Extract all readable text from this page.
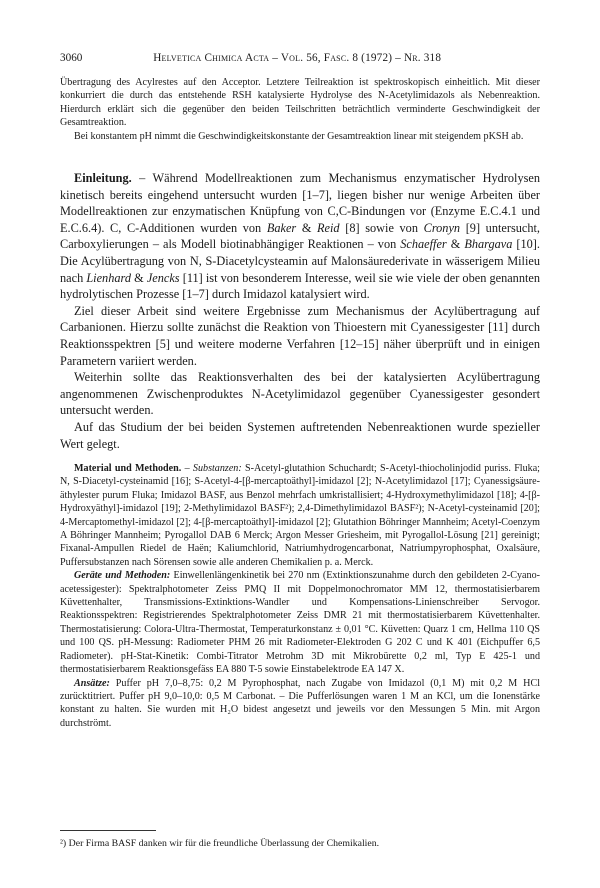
3060	Helvetica Chimica Acta – Vol. 56, Fasc. 8 (1972) – Nr. 318

Übertragung des Acylrestes auf den Acceptor. Letztere Teilreaktion ist spektroskopisch einheitlich. Mit dieser konkurriert die durch das entstehende RSH katalysierte Hydrolyse des N-Acetylimidazols als Nebenreaktion. Hierdurch erklärt sich die gegenüber den beiden Teilschritten beträchtlich verminderte Geschwindigkeit der Gesamtreaktion.

Bei konstantem pH nimmt die Geschwindigkeitskonstante der Gesamtreaktion linear mit steigendem pKSH ab.

Einleitung. – Während Modellreaktionen zum Mechanismus enzymatischer Hydrolysen kinetisch bereits eingehend untersucht wurden [1–7], liegen bisher nur wenige Arbeiten über Modellreaktionen zur enzymatischen Knüpfung von C,C-Bindungen vor (Enzyme E.C.4.1 und E.C.6.4). C, C-Additionen wurden von Baker & Reid [8] sowie von Cronyn [9] untersucht, Carboxylierungen – als Modell biotinabhängiger Reaktionen – von Schaeffer & Bhargava [10]. Die Acylübertragung von N, S-Diacetylcysteamin auf Malonsäurederivate in wässerigem Milieu nach Lienhard & Jencks [11] ist von besonderem Interesse, weil sie wie viele der oben genannten hydrolytischen Prozesse [1–7] durch Imidazol katalysiert wird.

Ziel dieser Arbeit sind weitere Ergebnisse zum Mechanismus der Acylübertragung auf Carbanionen. Hierzu sollte zunächst die Reaktion von Thioestern mit Cyanessigester [11] durch Reaktionsspektren [5] und weitere moderne Verfahren [12–15] näher überprüft und in einigen Parametern variiert werden.

Weiterhin sollte das Reaktionsverhalten des bei der katalysierten Acylübertragung angenommenen Zwischenproduktes N-Acetylimidazol gegenüber Cyanessigester gesondert untersucht werden.

Auf das Studium der bei beiden Systemen auftretenden Nebenreaktionen wurde spezieller Wert gelegt.

Material und Methoden. – Substanzen: S-Acetyl-glutathion Schuchardt; S-Acetyl-thiocholinjodid puriss. Fluka; N, S-Diacetyl-cysteinamid [16]; S-Acetyl-4-[β-mercaptoäthyl]-imidazol [2]; N-Acetylimidazol [17]; Cyanessigsäure-äthylester purum Fluka; Imidazol BASF, aus Benzol mehrfach umkristallisiert; 4-Hydroxymethylimidazol [18]; 4-[β-Hydroxyäthyl]-imidazol [19]; 2-Methylimidazol BASF²); 2,4-Dimethylimidazol BASF²); N-Acetyl-cysteinamid [20]; 4-Mercaptomethyl-imidazol [2]; 4-[β-mercaptoäthyl]-imidazol [2]; Glutathion Böhringer Mannheim; Acetyl-Coenzym A Böhringer Mannheim; Pyrogallol DAB 6 Merck; Argon Messer Griesheim, mit Pyrogallol-Lösung [21] gereinigt; Fixanal-Ampullen Riedel de Haën; Kaliumchlorid, Natriumhydrogencarbonat, Natriumpyrophosphat, Oxalsäure, Puffersubstanzen nach Sörensen sowie alle anderen Chemikalien p. a. Merck.

Geräte und Methoden: Einwellenlängenkinetik bei 270 nm (Extinktionszunahme durch den gebildeten 2-Cyano-acetessigester): Spektralphotometer Zeiss PMQ II mit Doppelmonochromator MM 12, thermostatisierbarem Küvettenhalter, Transmissions-Extinktions-Wandler und Kompensations-Linienschreiber Servogor. Reaktionsspektren: Registrierendes Spektralphotometer Zeiss DMR 21 mit thermostatisierbarem Küvettenhalter. Thermostatisierung: Colora-Ultra-Thermostat, Temperaturkonstanz ± 0,01 °C. Küvetten: Quarz 1 cm, Hellma 110 QS und 100 QS. pH-Messung: Radiometer PHM 26 mit Radiometer-Elektroden G 202 C und K 401 (Eichpuffer 6,5 Radiometer). pH-Stat-Kinetik: Combi-Titrator Metrohm 3D mit Mikrobürette 0,2 ml, Typ E 425-1 und thermostatisierbarem Reaktionsgefäss EA 880 T-5 sowie Einstabelektrode EA 147 X.

Ansätze: Puffer pH 7,0–8,75: 0,2 M Pyrophosphat, nach Zugabe von Imidazol (0,1 M) mit 0,2 M HCl zurücktitriert. Puffer pH 9,0–10,0: 0,5 M Carbonat. – Die Pufferlösungen waren 1 M an KCl, um die Ionenstärke konstant zu halten. Sie wurden mit H₂O bidest angesetzt und jeweils vor den Messungen 5 Min. mit Argon durchströmt.

²) Der Firma BASF danken wir für die freundliche Überlassung der Chemikalien.
